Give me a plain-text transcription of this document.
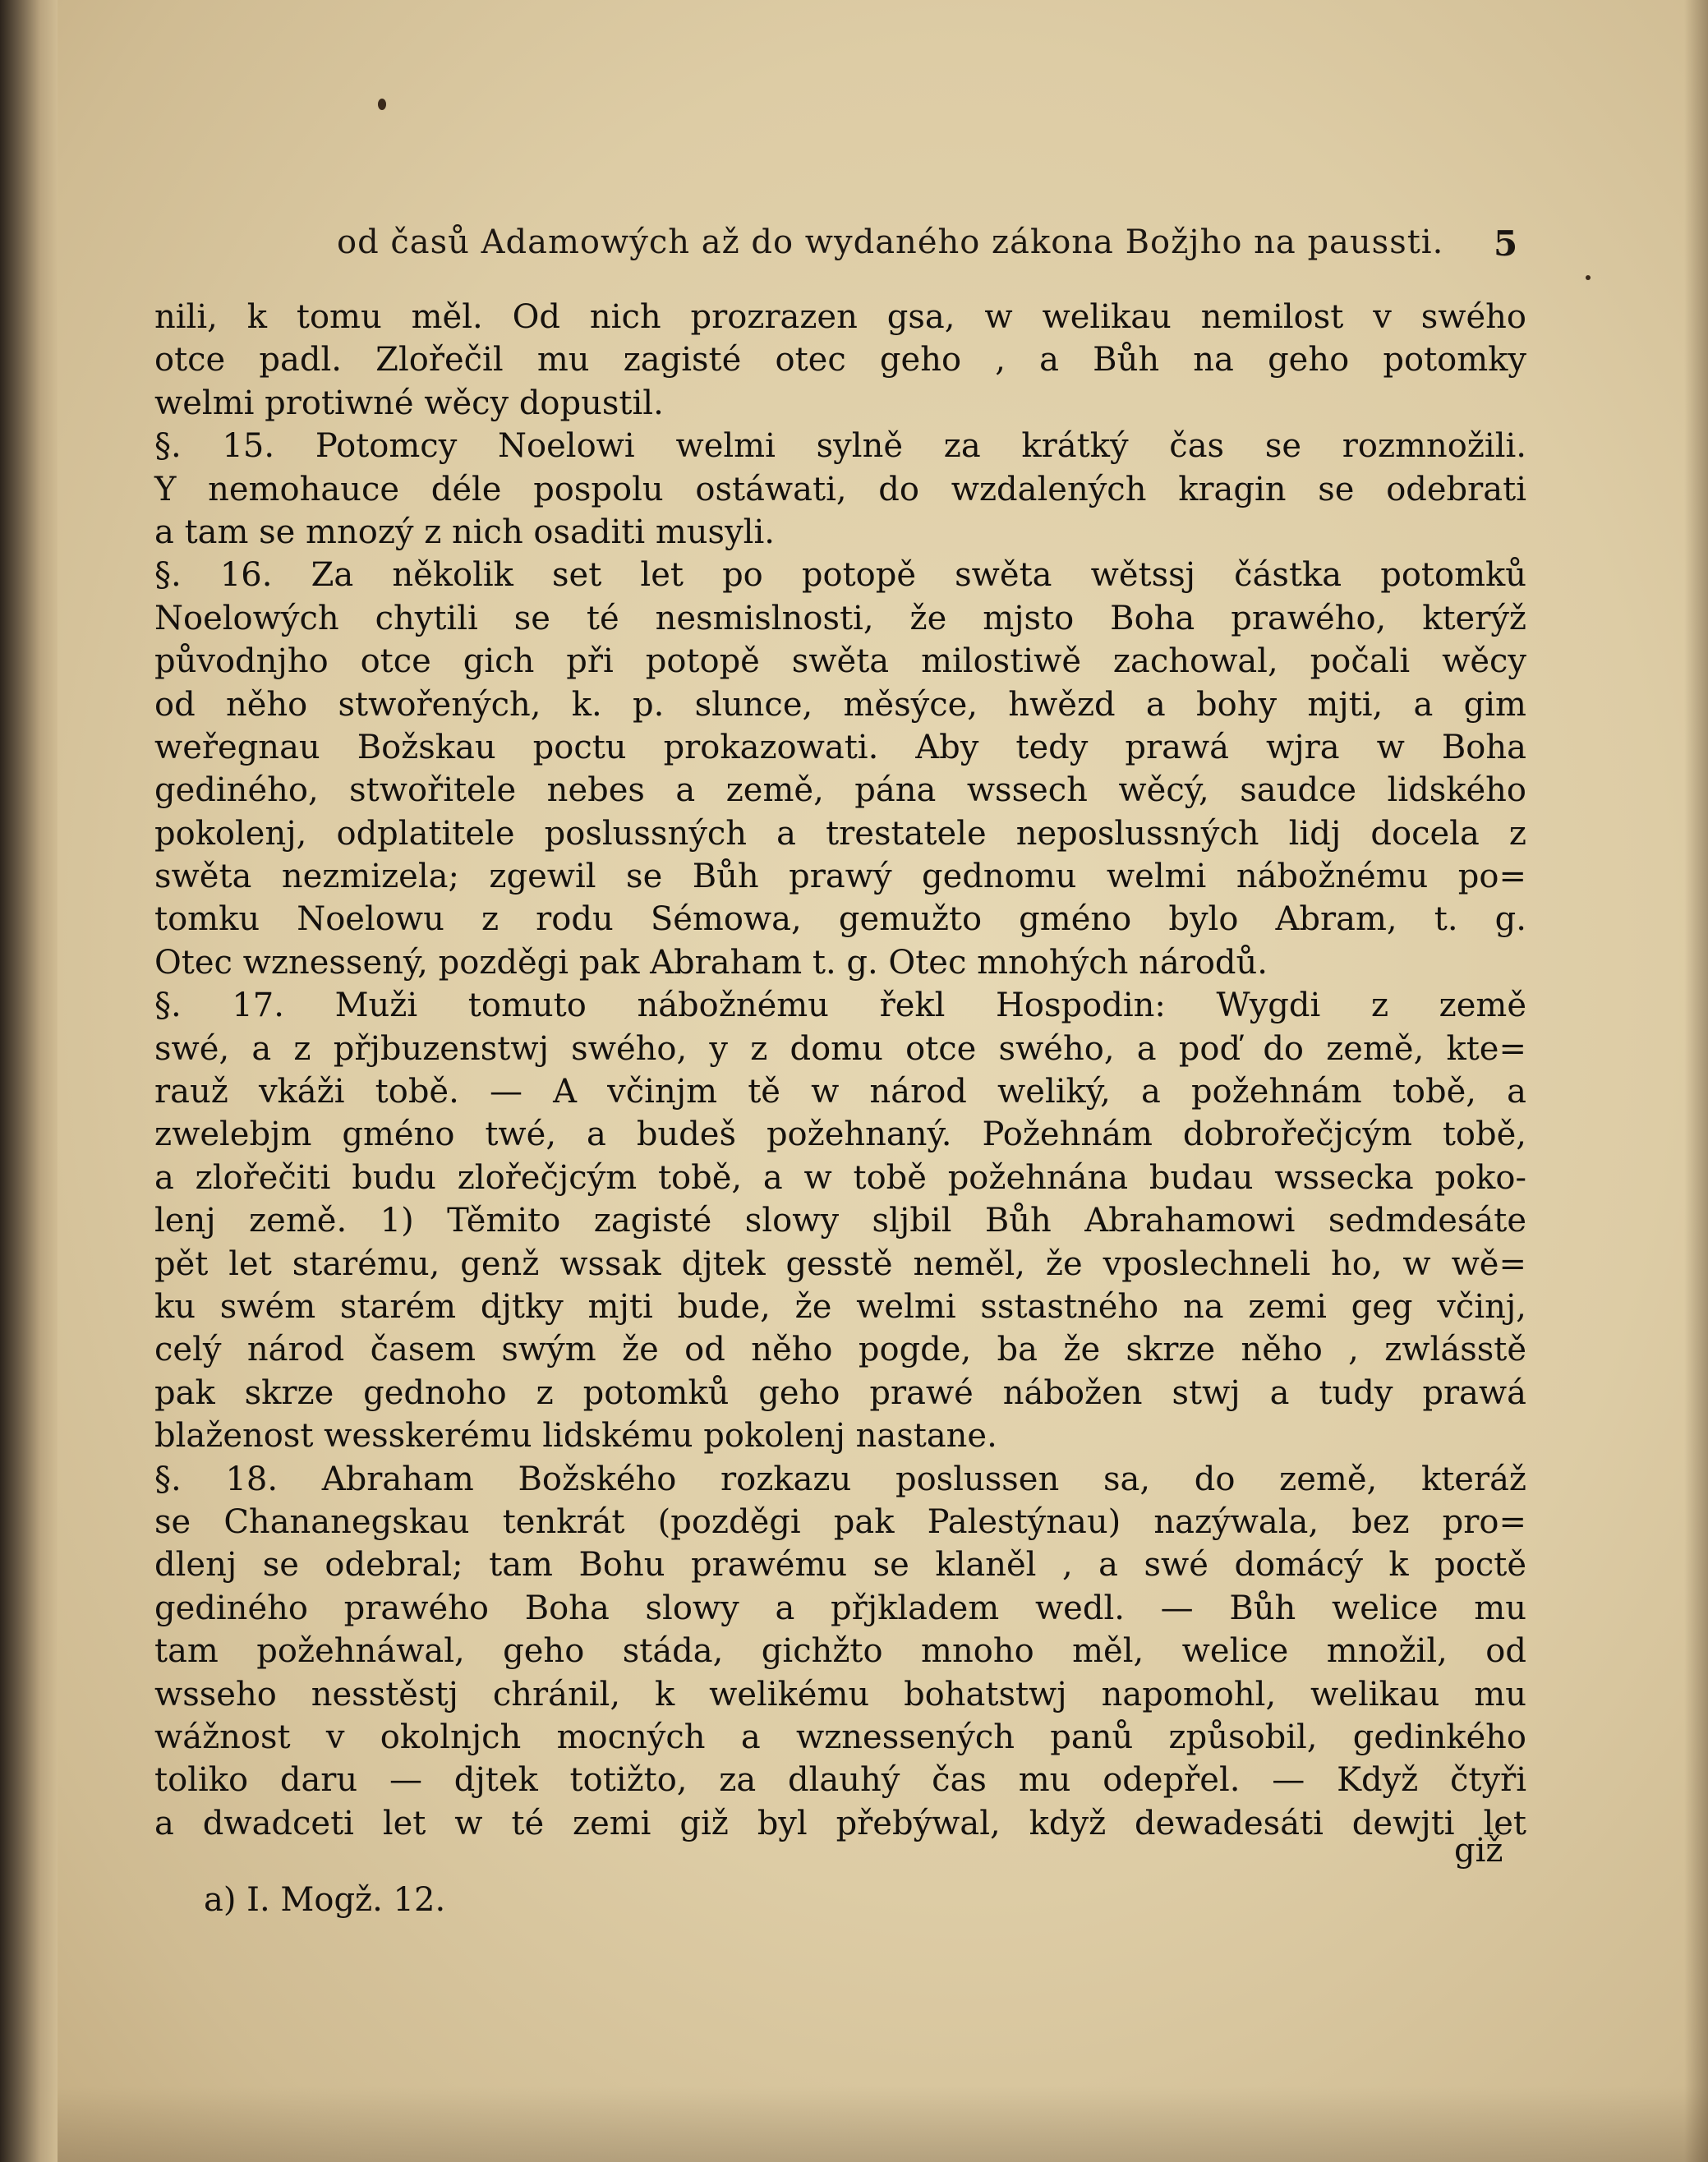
od časů Adamowých až do wydaného zákona Božjho na paussti.	5
nili, k tomu měl. Od nich prozrazen gsa, w welikau nemilost v swého
otce padl. Zlořečil mu zagisté otec geho , a Bůh na geho potomky
welmi protiwné wěcy dopustil.
§. 15. Potomcy Noelowi welmi sylně za krátký čas se rozmnožili.
Y nemohauce déle pospolu ostáwati, do wzdalených kragin se odebrati
a tam se mnozý z nich osaditi musyli.
§. 16. Za několik set let po potopě swěta wětssj částka potomků
Noelowých chytili se té nesmislnosti, že mjsto Boha prawého, kterýž
původnjho otce gich při potopě swěta milostiwě zachowal, počali wěcy
od něho stwořených, k. p. slunce, měsýce, hwězd a bohy mjti, a gim
weřegnau Božskau poctu prokazowati. Aby tedy prawá wjra w Boha
gediného, stwořitele nebes a země, pána wssech wěcý, saudce lidského
pokolenj, odplatitele poslussných a trestatele neposlussných lidj docela z
swěta nezmizela; zgewil se Bůh prawý gednomu welmi nábožnému po=
tomku Noelowu z rodu Sémowa, gemužto gméno bylo Abram, t. g.
Otec wznessený, pozděgi pak Abraham t. g. Otec mnohých národů.
§. 17. Muži tomuto nábožnému řekl Hospodin: Wygdi z země
swé, a z přjbuzenstwj swého, y z domu otce swého, a poď do země, kte=
rauž vkáži tobě. — A včinjm tě w národ weliký, a požehnám tobě, a
zwelebjm gméno twé, a budeš požehnaný. Požehnám dobrořečjcým tobě,
a zlořečiti budu zlořečjcým tobě, a w tobě požehnána budau wssecka poko-
lenj země. 1) Těmito zagisté slowy sljbil Bůh Abrahamowi sedmdesáte
pět let starému, genž wssak djtek gesstě neměl, že vposlechneli ho, w wě=
ku swém starém djtky mjti bude, že welmi sstastného na zemi geg včinj,
celý národ časem swým že od něho pogde, ba že skrze něho , zwlásstě
pak skrze gednoho z potomků geho prawé nábožen stwj a tudy prawá
blaženost wesskerému lidskému pokolenj nastane.
§. 18. Abraham Božského rozkazu poslussen sa, do země, kteráž
se Chananegskau tenkrát (pozděgi pak Palestýnau) nazýwala, bez pro=
dlenj se odebral; tam Bohu prawému se klaněl , a swé domácý k poctě
gediného prawého Boha slowy a přjkladem wedl. — Bůh welice mu
tam požehnáwal, geho stáda, gichžto mnoho měl, welice množil, od
wsseho nesstěstj chránil, k welikému bohatstwj napomohl, welikau mu
wážnost v okolnjch mocných a wznessených panů způsobil, gedinkého
toliko daru — djtek totižto, za dlauhý čas mu odepřel. — Když čtyři
a dwadceti let w té zemi giž byl přebýwal, když dewadesáti dewjti let
giž
a) I. Mogž. 12.
